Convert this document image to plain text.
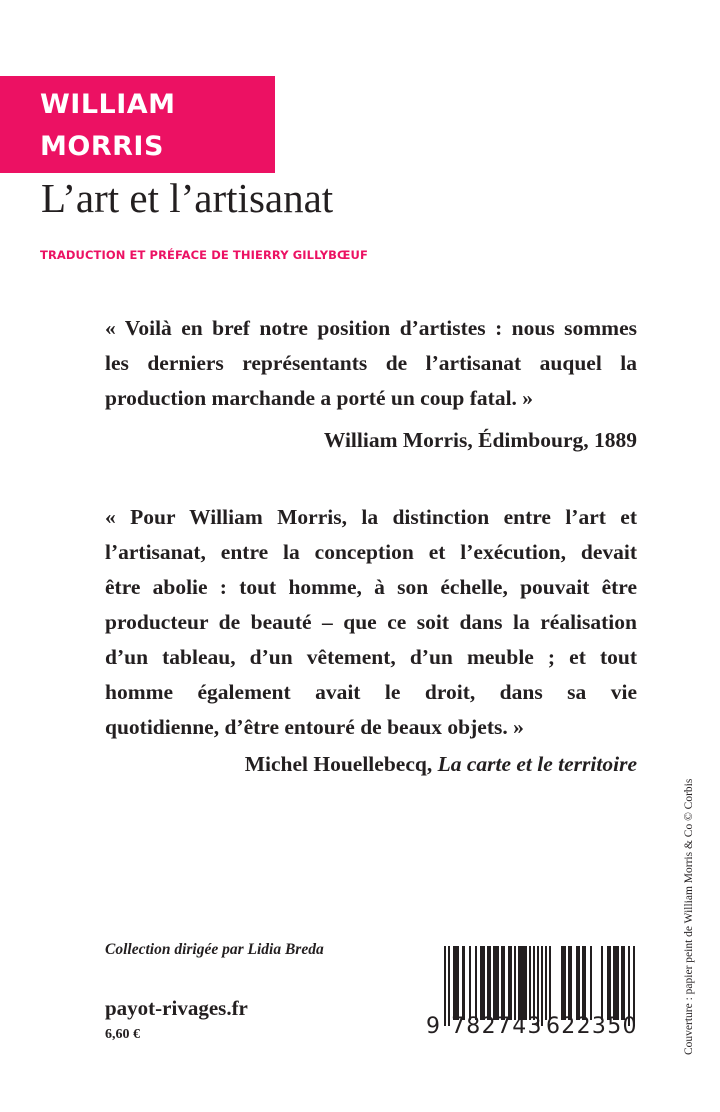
WILLIAM
MORRIS
L’art et l’artisanat
TRADUCTION ET PRÉFACE DE THIERRY GILLYBŒUF
« Voilà en bref notre position d’artistes : nous sommes
les derniers représentants de l’artisanat auquel la
production marchande a porté un coup fatal. »
William Morris, Édimbourg, 1889
« Pour William Morris, la distinction entre l’art et
l’artisanat, entre la conception et l’exécution, devait
être abolie : tout homme, à son échelle, pouvait être
producteur de beauté – que ce soit dans la réalisation
d’un tableau, d’un vêtement, d’un meuble ; et tout
homme également avait le droit, dans sa vie
quotidienne, d’être entouré de beaux objets. »
Michel Houellebecq, La carte et le territoire
Collection dirigée par Lidia Breda
payot-rivages.fr
6,60 €	9 782743 622350	Couverture : papier peint de William Morris & Co © Corbis
